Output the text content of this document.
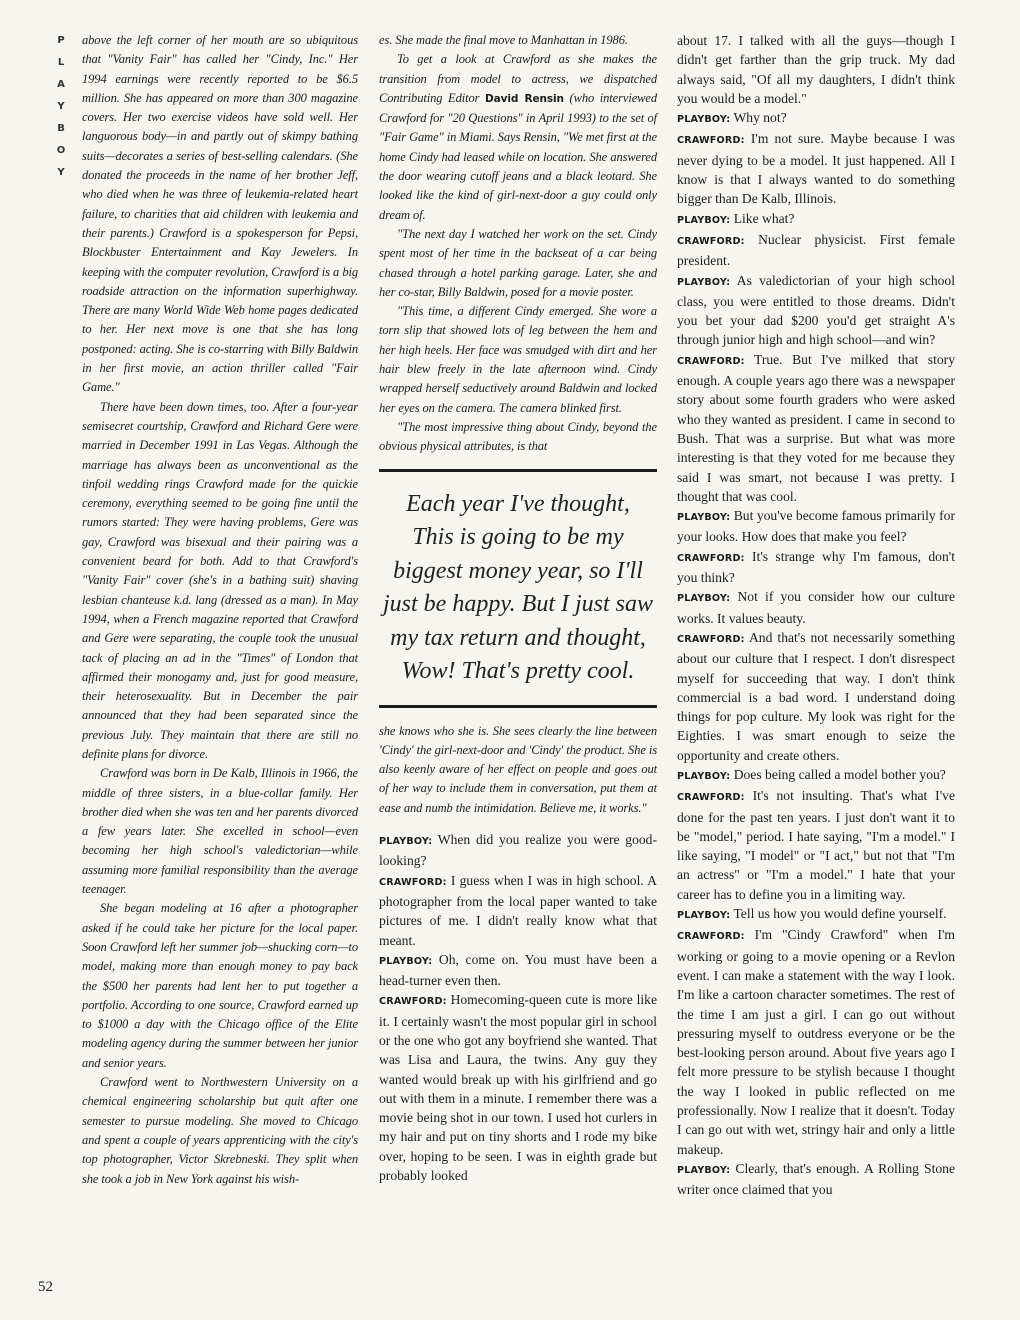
P
L
A
Y
B
O
Y
52

above the left corner of her mouth are so ubiquitous that "Vanity Fair" has called her "Cindy, Inc." Her 1994 earnings were recently reported to be $6.5 million. She has appeared on more than 300 magazine covers. Her two exercise videos have sold well. Her languorous body—in and partly out of skimpy bathing suits—decorates a series of best-selling calendars. (She donated the proceeds in the name of her brother Jeff, who died when he was three of leukemia-related heart failure, to charities that aid children with leukemia and their parents.) Crawford is a spokesperson for Pepsi, Blockbuster Entertainment and Kay Jewelers. In keeping with the computer revolution, Crawford is a big roadside attraction on the information superhighway. There are many World Wide Web home pages dedicated to her. Her next move is one that she has long postponed: acting. She is co-starring with Billy Baldwin in her first movie, an action thriller called "Fair Game."

There have been down times, too. After a four-year semisecret courtship, Crawford and Richard Gere were married in December 1991 in Las Vegas. Although the marriage has always been as unconventional as the tinfoil wedding rings Crawford made for the quickie ceremony, everything seemed to be going fine until the rumors started: They were having problems, Gere was gay, Crawford was bisexual and their pairing was a convenient beard for both. Add to that Crawford's "Vanity Fair" cover (she's in a bathing suit) shaving lesbian chanteuse k.d. lang (dressed as a man). In May 1994, when a French magazine reported that Crawford and Gere were separating, the couple took the unusual tack of placing an ad in the "Times" of London that affirmed their monogamy and, just for good measure, their heterosexuality. But in December the pair announced that they had been separated since the previous July. They maintain that there are still no definite plans for divorce.

Crawford was born in De Kalb, Illinois in 1966, the middle of three sisters, in a blue-collar family. Her brother died when she was ten and her parents divorced a few years later. She excelled in school—even becoming her high school's valedictorian—while assuming more familial responsibility than the average teenager.

She began modeling at 16 after a photographer asked if he could take her picture for the local paper. Soon Crawford left her summer job—shucking corn—to model, making more than enough money to pay back the $500 her parents had lent her to put together a portfolio. According to one source, Crawford earned up to $1000 a day with the Chicago office of the Elite modeling agency during the summer between her junior and senior years.

Crawford went to Northwestern University on a chemical engineering scholarship but quit after one semester to pursue modeling. She moved to Chicago and spent a couple of years apprenticing with the city's top photographer, Victor Skrebneski. They split when she took a job in New York against his wish-

es. She made the final move to Manhattan in 1986.

To get a look at Crawford as she makes the transition from model to actress, we dispatched Contributing Editor David Rensin (who interviewed Crawford for "20 Questions" in April 1993) to the set of "Fair Game" in Miami. Says Rensin, "We met first at the home Cindy had leased while on location. She answered the door wearing cutoff jeans and a black leotard. She looked like the kind of girl-next-door a guy could only dream of.

"The next day I watched her work on the set. Cindy spent most of her time in the backseat of a car being chased through a hotel parking garage. Later, she and her co-star, Billy Baldwin, posed for a movie poster.

"This time, a different Cindy emerged. She wore a torn slip that showed lots of leg between the hem and her high heels. Her face was smudged with dirt and her hair blew freely in the late afternoon wind. Cindy wrapped herself seductively around Baldwin and locked her eyes on the camera. The camera blinked first.

"The most impressive thing about Cindy, beyond the obvious physical attributes, is that

Each year I've thought, This is going to be my biggest money year, so I'll just be happy. But I just saw my tax return and thought, Wow! That's pretty cool.

she knows who she is. She sees clearly the line between 'Cindy' the girl-next-door and 'Cindy' the product. She is also keenly aware of her effect on people and goes out of her way to include them in conversation, put them at ease and numb the intimidation. Believe me, it works."

PLAYBOY: When did you realize you were good-looking?

CRAWFORD: I guess when I was in high school. A photographer from the local paper wanted to take pictures of me. I didn't really know what that meant.

PLAYBOY: Oh, come on. You must have been a head-turner even then.

CRAWFORD: Homecoming-queen cute is more like it. I certainly wasn't the most popular girl in school or the one who got any boyfriend she wanted. That was Lisa and Laura, the twins. Any guy they wanted would break up with his girlfriend and go out with them in a minute. I remember there was a movie being shot in our town. I used hot curlers in my hair and put on tiny shorts and I rode my bike over, hoping to be seen. I was in eighth grade but probably looked

about 17. I talked with all the guys—though I didn't get farther than the grip truck. My dad always said, "Of all my daughters, I didn't think you would be a model."

PLAYBOY: Why not?

CRAWFORD: I'm not sure. Maybe because I was never dying to be a model. It just happened. All I know is that I always wanted to do something bigger than De Kalb, Illinois.

PLAYBOY: Like what?

CRAWFORD: Nuclear physicist. First female president.

PLAYBOY: As valedictorian of your high school class, you were entitled to those dreams. Didn't you bet your dad $200 you'd get straight A's through junior high and high school—and win?

CRAWFORD: True. But I've milked that story enough. A couple years ago there was a newspaper story about some fourth graders who were asked who they wanted as president. I came in second to Bush. That was a surprise. But what was more interesting is that they voted for me because they said I was smart, not because I was pretty. I thought that was cool.

PLAYBOY: But you've become famous primarily for your looks. How does that make you feel?

CRAWFORD: It's strange why I'm famous, don't you think?

PLAYBOY: Not if you consider how our culture works. It values beauty.

CRAWFORD: And that's not necessarily something about our culture that I respect. I don't disrespect myself for succeeding that way. I don't think commercial is a bad word. I understand doing things for pop culture. My look was right for the Eighties. I was smart enough to seize the opportunity and create others.

PLAYBOY: Does being called a model bother you?

CRAWFORD: It's not insulting. That's what I've done for the past ten years. I just don't want it to be "model," period. I hate saying, "I'm a model." I like saying, "I model" or "I act," but not that "I'm an actress" or "I'm a model." I hate that your career has to define you in a limiting way.

PLAYBOY: Tell us how you would define yourself.

CRAWFORD: I'm "Cindy Crawford" when I'm working or going to a movie opening or a Revlon event. I can make a statement with the way I look. I'm like a cartoon character sometimes. The rest of the time I am just a girl. I can go out without pressuring myself to outdress everyone or be the best-looking person around. About five years ago I felt more pressure to be stylish because I thought the way I looked in public reflected on me professionally. Now I realize that it doesn't. Today I can go out with wet, stringy hair and only a little makeup.

PLAYBOY: Clearly, that's enough. A Rolling Stone writer once claimed that you
